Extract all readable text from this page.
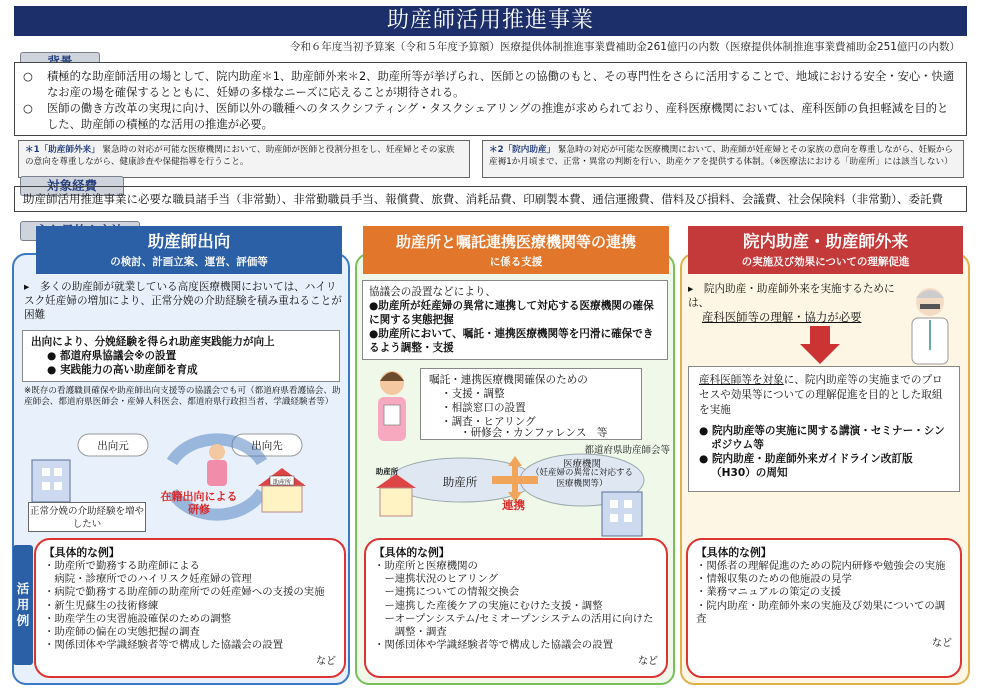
助産師活用推進事業
令和６年度当初予算案（令和５年度予算額）医療提供体制推進事業費補助金261億円の内数（医療提供体制推進事業費補助金251億円の内数）
○	積極的な助産師活用の場として、院内助産＊1、助産師外来＊2、助産所等が挙げられ、医師との協働のもと、その専門性をさらに活用することで、地域における安全・安心・快適なお産の場を確保するとともに、妊婦の多様なニーズに応えることが期待される。
○	医師の働き方改革の実現に向け、医師以外の職種へのタスクシフティング・タスクシェアリングの推進が求められており、産科医療機関においては、産科医師の負担軽減を目的とした、助産師の積極的な活用の推進が必要。
＊1「助産師外来」 緊急時の対応が可能な医療機関において、助産師が医師と役割分担をし、妊産婦とその家族の意向を尊重しながら、健康診査や保健指導を行うこと。
＊2「院内助産」 緊急時の対応が可能な医療機関において、助産師が妊産婦とその家族の意向を尊重しながら、妊娠から産褥1か月頃まで、正常・異常の判断を行い、助産ケアを提供する体制。（※医療法における「助産所」には該当しない）
対象経費
助産師活用推進事業に必要な職員諸手当（非常勤）、非常勤職員手当、報償費、旅費、消耗品費、印刷製本費、通信運搬費、借料及び損料、会議費、社会保険料（非常勤）、委託費
助産師出向
の検討、計画立案、運営、評価等
助産所と嘱託連携医療機関等の連携
に係る支援
院内助産・助産師外来
の実施及び効果についての理解促進
▸　多くの助産師が就業している高度医療機関においては、ハイリスク妊産婦の増加により、正常分娩の介助経験を積み重ねることが困難
出向により、分娩経験を得られ助産実践能力が向上
● 都道府県協議会※の設置
● 実践能力の高い助産師を育成
※既存の看護職員確保や助産師出向支援等の協議会でも可（都道府県看護協会、助産師会、都道府県医師会・産婦人科医会、都道府県行政担当者、学識経験者等）
出向元	出向先
助産所
在籍出向による研修
正常分娩の介助経験を増やしたい
協議会の設置などにより、
●助産所が妊産婦の異常に連携して対応する医療機関の確保に関する実態把握
●助産所において、嘱託・連携医療機関等を円滑に確保できるよう調整・支援
嘱託・連携医療機関確保のための
・支援・調整
・相談窓口の設置
・調査・ヒアリング
・研修会・カンファレンス　等
都道府県助産師会等
助産所
助産所
医療機関
（妊産婦の異常に対応する医療機関等）
連携
▸　院内助産・助産師外来を実施するためには、
産科医師等の理解・協力が必要
産科医師等を対象に、院内助産等の実施までのプロセスや効果等についての理解促進を目的とした取組を実施
● 院内助産等の実施に関する講演・セミナー・シンポジウム等
● 院内助産・助産師外来ガイドライン改訂版（H30）の周知
活用例
【具体的な例】
・助産所で勤務する助産師による
　病院・診療所でのハイリスク妊産婦の管理
・病院で勤務する助産師の助産所での妊産婦への支援の実施
・新生児蘇生の技術修練
・助産学生の実習施設確保のための調整
・助産師の偏在の実態把握の調査
・関係団体や学識経験者等で構成した協議会の設置
など
【具体的な例】
・助産所と医療機関の
　ー連携状況のヒアリング
　ー連携についての情報交換会
　ー連携した産後ケアの実施にむけた支援・調整
　ーオープンシステム/セミオープンシステムの活用に向けた
　　調整・調査
・関係団体や学識経験者等で構成した協議会の設置
など
【具体的な例】
・関係者の理解促進のための院内研修や勉強会の実施
・情報収集のための他施設の見学
・業務マニュアルの策定の支援
・院内助産・助産師外来の実施及び効果についての調査
など
